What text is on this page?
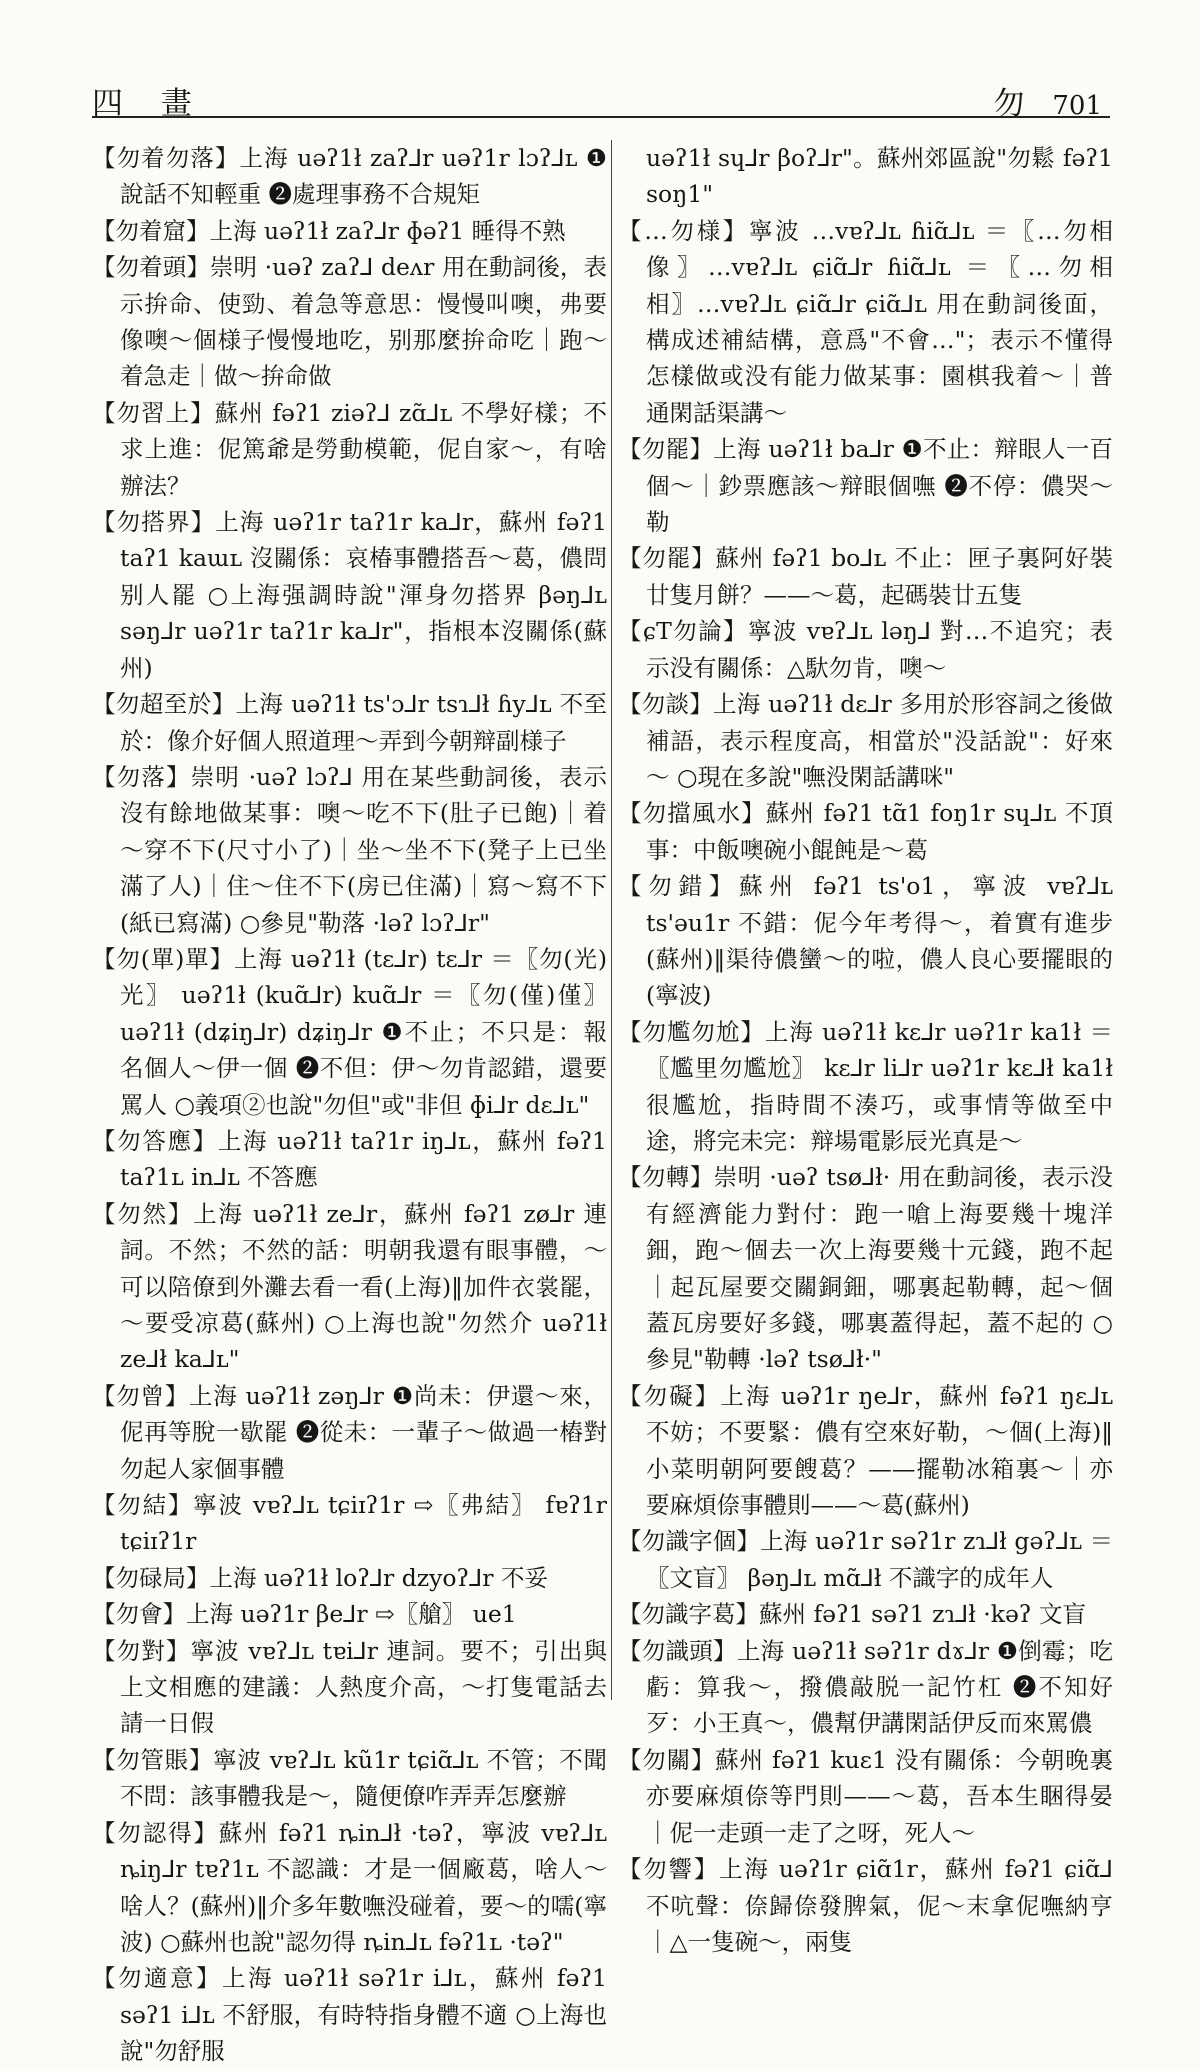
四 畫	勿 701

【勿着勿落】上海 uəʔ1ł zaʔ⅃r uəʔ1r lɔʔ⅃ʟ ❶說話不知輕重 ❷處理事務不合規矩

【勿着窟】上海 uəʔ1ł zaʔ⅃r ɸəʔ1 睡得不熟

【勿着頭】崇明 ·uəʔ zaʔ⅃ deʌr 用在動詞後，表示拚命、使勁、着急等意思：慢慢叫噢，弗要像噢～個様子慢慢地吃，别那麼拚命吃｜跑～着急走｜做～拚命做

【勿習上】蘇州 fəʔ1 ziəʔ⅃ zɑ̃⅃ʟ 不學好樣；不求上進：伲篤爺是勞動模範，伲自家～，有啥辦法？

【勿搭界】上海 uəʔ1r taʔ1r ka⅃r，蘇州 fəʔ1 taʔ1 kaɯʟ 沒關係：哀椿事體搭吾～葛，儂問别人罷 ○上海强調時說"渾身勿搭界 βəŋ⅃ʟ səŋ⅃r uəʔ1r taʔ1r ka⅃r"，指根本沒關係(蘇州)

【勿超至於】上海 uəʔ1ł ts'ɔ⅃r tsɿ⅃ł ɦy⅃ʟ 不至於：像介好個人照道理～弄到今朝辩副様子

【勿落】崇明 ·uəʔ lɔʔ⅃ 用在某些動詞後，表示沒有餘地做某事：噢～吃不下(肚子已飽)｜着～穿不下(尺寸小了)｜坐～坐不下(凳子上已坐滿了人)｜住～住不下(房已住滿)｜寫～寫不下(紙已寫滿) ○參見"勒落 ·ləʔ lɔʔ⅃r"

【勿(單)單】上海 uəʔ1ł (tɛ⅃r) tɛ⅃r ＝〖勿(光)光〗 uəʔ1ł (kuɑ̃⅃r) kuɑ̃⅃r ＝〖勿(僅)僅〗 uəʔ1ł (dʑiŋ⅃r) dʑiŋ⅃r ❶不止；不只是：報名個人～伊一個 ❷不但：伊～勿肯認錯，還要罵人 ○義項②也說"勿但"或"非但 ɸi⅃r dɛ⅃ʟ"

【勿答應】上海 uəʔ1ł taʔ1r iŋ⅃ʟ，蘇州 fəʔ1 taʔ1ʟ in⅃ʟ 不答應

【勿然】上海 uəʔ1ł ze⅃r，蘇州 fəʔ1 zø⅃r 連詞。不然；不然的話：明朝我還有眼事體，～可以陪僚到外灘去看一看(上海)‖加件衣裳罷，～要受凉葛(蘇州) ○上海也說"勿然介 uəʔ1ł ze⅃ł ka⅃ʟ"

【勿曾】上海 uəʔ1ł zəŋ⅃r ❶尚未：伊還～來，伲再等脫一歇罷 ❷從未：一輩子～做過一樁對勿起人家個事體

【勿結】寧波 vɐʔ⅃ʟ tɕiɪʔ1r ⇨〖弗結〗 fɐʔ1r tɕiɪʔ1r

【勿碌局】上海 uəʔ1ł loʔ⅃r dzyoʔ⅃r 不妥

【勿會】上海 uəʔ1r βe⅃r ⇨〖艙〗 ue1

【勿對】寧波 vɐʔ⅃ʟ tɐi⅃r 連詞。要不；引出與上文相應的建議：人熱度介高，～打隻電話去請一日假

【勿管賬】寧波 vɐʔ⅃ʟ kũ1r tɕiɑ̃⅃ʟ 不管；不聞不問：該事體我是～，隨便僚咋弄弄怎麼辦

【勿認得】蘇州 fəʔ1 ȵin⅃ł ·təʔ，寧波 vɐʔ⅃ʟ ȵiŋ⅃r tɐʔ1ʟ 不認識：才是一個廠葛，啥人～啥人？(蘇州)‖介多年數嘸没碰着，要～的嚅(寧波) ○蘇州也說"認勿得 ȵin⅃ʟ fəʔ1ʟ ·təʔ"

【勿適意】上海 uəʔ1ł səʔ1r i⅃ʟ，蘇州 fəʔ1 səʔ1 i⅃ʟ 不舒服，有時特指身體不適 ○上海也說"勿舒服

uəʔ1ł sɥ⅃r βoʔ⅃r"。蘇州郊區說"勿鬆 fəʔ1 soŋ1"

【…勿様】寧波 …vɐʔ⅃ʟ ɦiɑ̃⅃ʟ ＝〖…勿相像〗…vɐʔ⅃ʟ ɕiɑ̃⅃r ɦiɑ̃⅃ʟ ＝〖…勿相相〗…vɐʔ⅃ʟ ɕiɑ̃⅃r ɕiɑ̃⅃ʟ 用在動詞後面，構成述補結構，意爲"不會…"；表示不懂得怎樣做或没有能力做某事：園棋我着～｜普通閑話渠講～

【勿罷】上海 uəʔ1ł ba⅃r ❶不止：辩眼人一百個～｜鈔票應該～辩眼個嘸 ❷不停：儂哭～勒

【勿罷】蘇州 fəʔ1 bo⅃ʟ 不止：匣子裏阿好裝廿隻月餅？——～葛，起碼裝廿五隻

【ɕT勿論】寧波 vɐʔ⅃ʟ ləŋ⅃ 對…不追究；表示没有關係：△馱勿肯，噢～

【勿談】上海 uəʔ1ł dɛ⅃r 多用於形容詞之後做補語，表示程度高，相當於"没話說"：好來～ ○現在多說"嘸没閑話講咪"

【勿擋風水】蘇州 fəʔ1 tɑ̃1 foŋ1r sɥ⅃ʟ 不頂事：中飯噢碗小餛飩是～葛

【勿錯】蘇州 fəʔ1 ts'o1，寧波 vɐʔ⅃ʟ ts'əu1r 不錯：伲今年考得～，着實有進步(蘇州)‖渠待儂蠻～的啦，儂人良心要擺眼的(寧波)

【勿尷勿尬】上海 uəʔ1ł kɛ⅃r uəʔ1r ka1ł ＝〖尷里勿尷尬〗 kɛ⅃r li⅃r uəʔ1r kɛ⅃ł ka1ł 很尷尬，指時間不湊巧，或事情等做至中途，將完未完：辩場電影辰光真是～

【勿轉】崇明 ·uəʔ tsø⅃ł· 用在動詞後，表示没有經濟能力對付：跑一嗆上海要幾十塊洋鈿，跑～個去一次上海要幾十元錢，跑不起｜起瓦屋要交關銅鈿，哪裏起勒轉，起～個蓋瓦房要好多錢，哪裏蓋得起，蓋不起的 ○參見"勒轉 ·ləʔ tsø⅃ł·"

【勿礙】上海 uəʔ1r ŋe⅃r，蘇州 fəʔ1 ŋɛ⅃ʟ 不妨；不要緊：儂有空來好勒，～個(上海)‖小菜明朝阿要餿葛？——擺勒冰箱裏～｜亦要麻煩倷事體則——～葛(蘇州)

【勿識字個】上海 uəʔ1r səʔ1r zɿ⅃ł gəʔ⅃ʟ ＝〖文盲〗 βəŋ⅃ʟ mɑ̃⅃ł 不識字的成年人

【勿識字葛】蘇州 fəʔ1 səʔ1 zɿ⅃ł ·kəʔ 文盲

【勿識頭】上海 uəʔ1ł səʔ1r dɤ⅃r ❶倒霉；吃虧：算我～，撥儂敲脱一記竹杠 ❷不知好歹：小王真～，儂幫伊講閑話伊反而來罵儂

【勿關】蘇州 fəʔ1 kuɛ1 没有關係：今朝晚裏亦要麻煩倷等門則——～葛，吾本生睏得晏｜伲一走頭一走了之呀，死人～

【勿響】上海 uəʔ1r ɕiɑ̃1r，蘇州 fəʔ1 ɕiɑ̃⅃ 不吭聲：倷歸倷發脾氣，伲～末拿伲嘸納亨｜△一隻碗～，兩隻
